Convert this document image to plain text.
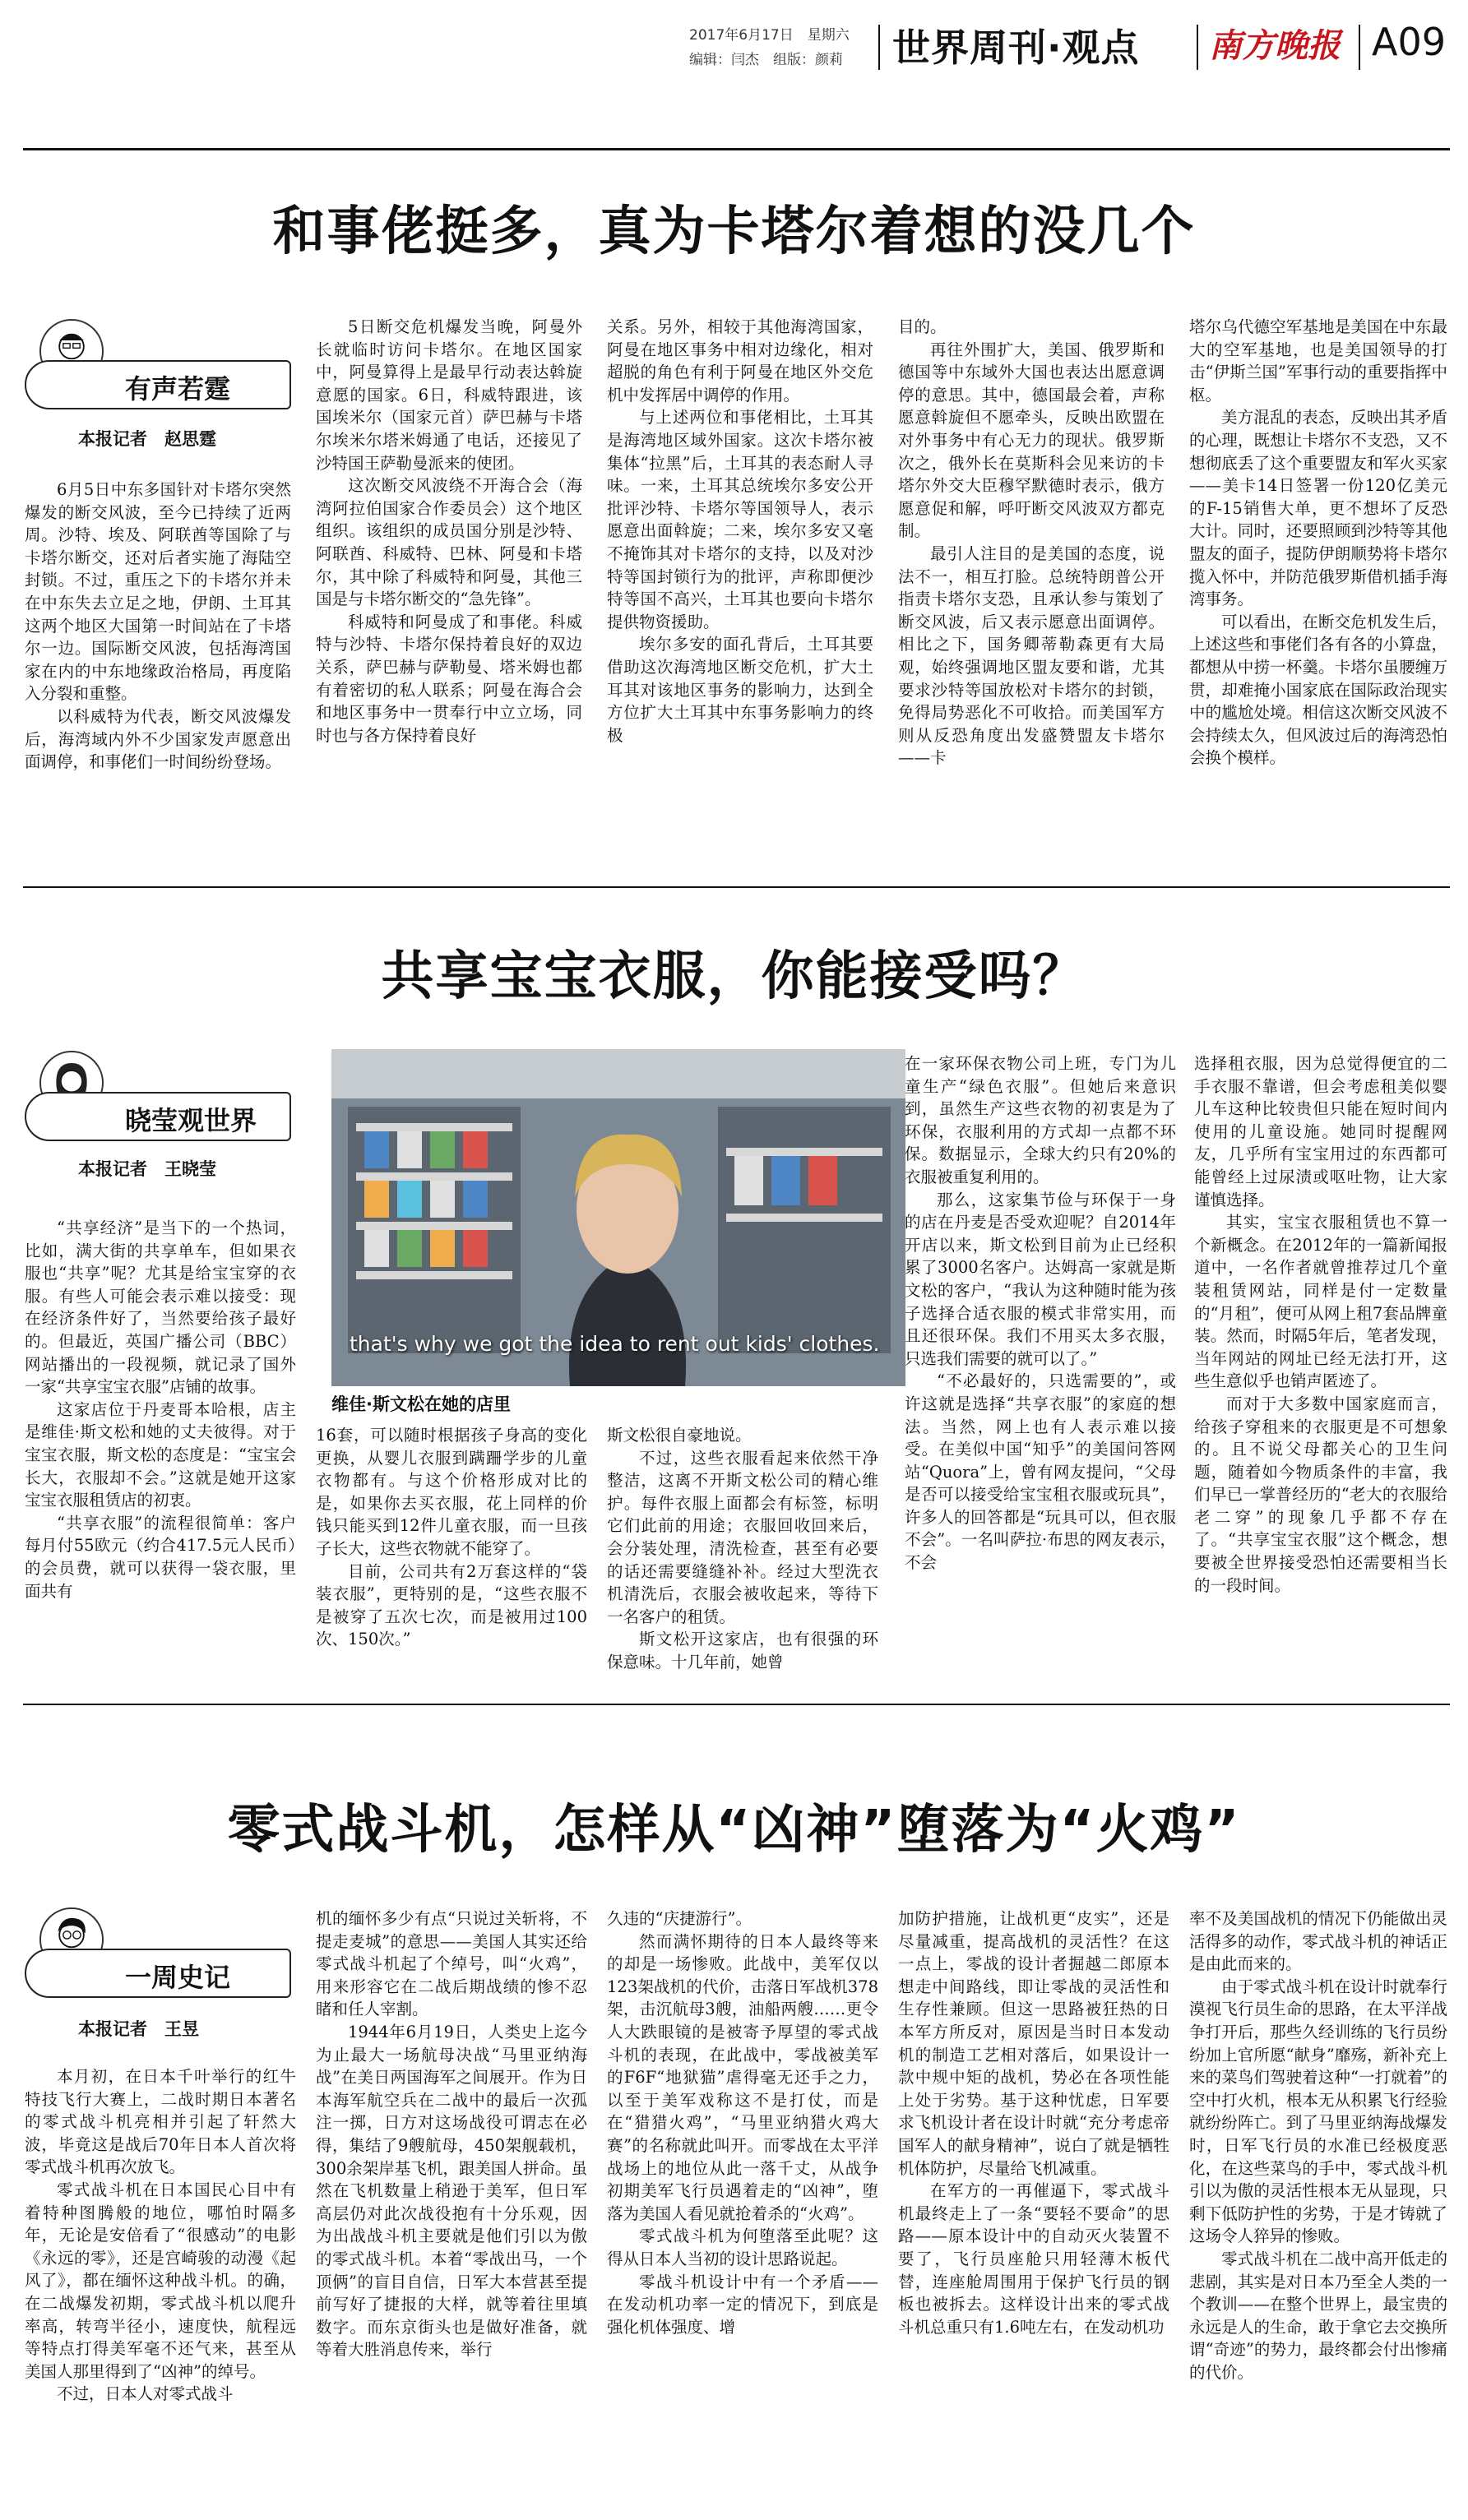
2017年6月17日　星期六
编辑：闫杰　组版：颜莉 世界周刊·观点 南方晚报 A09
和事佬挺多，真为卡塔尔着想的没几个
有声若霆
本报记者　赵思霆

6月5日中东多国针对卡塔尔突然爆发的断交风波，至今已持续了近两周。沙特、埃及、阿联酋等国除了与卡塔尔断交，还对后者实施了海陆空封锁。不过，重压之下的卡塔尔并未在中东失去立足之地，伊朗、土耳其这两个地区大国第一时间站在了卡塔尔一边。国际断交风波，包括海湾国家在内的中东地缘政治格局，再度陷入分裂和重整。

以科威特为代表，断交风波爆发后，海湾域内外不少国家发声愿意出面调停，和事佬们一时间纷纷登场。

5日断交危机爆发当晚，阿曼外长就临时访问卡塔尔。在地区国家中，阿曼算得上是最早行动表达斡旋意愿的国家。6日，科威特跟进，该国埃米尔（国家元首）萨巴赫与卡塔尔埃米尔塔米姆通了电话，还接见了沙特国王萨勒曼派来的使团。

这次断交风波绕不开海合会（海湾阿拉伯国家合作委员会）这个地区组织。该组织的成员国分别是沙特、阿联酋、科威特、巴林、阿曼和卡塔尔，其中除了科威特和阿曼，其他三国是与卡塔尔断交的“急先锋”。

科威特和阿曼成了和事佬。科威特与沙特、卡塔尔保持着良好的双边关系，萨巴赫与萨勒曼、塔米姆也都有着密切的私人联系；阿曼在海合会和地区事务中一贯奉行中立立场，同时也与各方保持着良好

关系。另外，相较于其他海湾国家，阿曼在地区事务中相对边缘化，相对超脱的角色有利于阿曼在地区外交危机中发挥居中调停的作用。

与上述两位和事佬相比，土耳其是海湾地区域外国家。这次卡塔尔被集体“拉黑”后，土耳其的表态耐人寻味。一来，土耳其总统埃尔多安公开批评沙特、卡塔尔等国领导人，表示愿意出面斡旋；二来，埃尔多安又毫不掩饰其对卡塔尔的支持，以及对沙特等国封锁行为的批评，声称即便沙特等国不高兴，土耳其也要向卡塔尔提供物资援助。

埃尔多安的面孔背后，土耳其要借助这次海湾地区断交危机，扩大土耳其对该地区事务的影响力，达到全方位扩大土耳其中东事务影响力的终极

目的。

再往外围扩大，美国、俄罗斯和德国等中东域外大国也表达出愿意调停的意思。其中，德国最会着，声称愿意斡旋但不愿牵头，反映出欧盟在对外事务中有心无力的现状。俄罗斯次之，俄外长在莫斯科会见来访的卡塔尔外交大臣穆罕默德时表示，俄方愿意促和解，呼吁断交风波双方都克制。

最引人注目的是美国的态度，说法不一，相互打脸。总统特朗普公开指责卡塔尔支恐，且承认参与策划了断交风波，后又表示愿意出面调停。相比之下，国务卿蒂勒森更有大局观，始终强调地区盟友要和谐，尤其要求沙特等国放松对卡塔尔的封锁，免得局势恶化不可收拾。而美国军方则从反恐角度出发盛赞盟友卡塔尔——卡

塔尔乌代德空军基地是美国在中东最大的空军基地，也是美国领导的打击“伊斯兰国”军事行动的重要指挥中枢。

美方混乱的表态，反映出其矛盾的心理，既想让卡塔尔不支恐，又不想彻底丢了这个重要盟友和军火买家——美卡14日签署一份120亿美元的F-15销售大单，更不想坏了反恐大计。同时，还要照顾到沙特等其他盟友的面子，提防伊朗顺势将卡塔尔揽入怀中，并防范俄罗斯借机插手海湾事务。

可以看出，在断交危机发生后，上述这些和事佬们各有各的小算盘，都想从中捞一杯羹。卡塔尔虽腰缠万贯，却难掩小国家底在国际政治现实中的尴尬处境。相信这次断交风波不会持续太久，但风波过后的海湾恐怕会换个模样。

共享宝宝衣服，你能接受吗？
晓莹观世界
本报记者　王晓莹

“共享经济”是当下的一个热词，比如，满大街的共享单车，但如果衣服也“共享”呢？尤其是给宝宝穿的衣服。有些人可能会表示难以接受：现在经济条件好了，当然要给孩子最好的。但最近，英国广播公司（BBC）网站播出的一段视频，就记录了国外一家“共享宝宝衣服”店铺的故事。

这家店位于丹麦哥本哈根，店主是维佳·斯文松和她的丈夫彼得。对于宝宝衣服，斯文松的态度是：“宝宝会长大，衣服却不会。”这就是她开这家宝宝衣服租赁店的初衷。

“共享衣服”的流程很简单：客户每月付55欧元（约合417.5元人民币）的会员费，就可以获得一袋衣服，里面共有

that's why we got the idea to rent out kids' clothes.
维佳·斯文松在她的店里

16套，可以随时根据孩子身高的变化更换，从婴儿衣服到蹒跚学步的儿童衣物都有。与这个价格形成对比的是，如果你去买衣服，花上同样的价钱只能买到12件儿童衣服，而一旦孩子长大，这些衣物就不能穿了。

目前，公司共有2万套这样的“袋装衣服”，更特别的是，“这些衣服不是被穿了五次七次，而是被用过100次、150次。”

斯文松很自豪地说。

不过，这些衣服看起来依然干净整洁，这离不开斯文松公司的精心维护。每件衣服上面都会有标签，标明它们此前的用途；衣服回收回来后，会分装处理，清洗检查，甚至有必要的话还需要缝缝补补。经过大型洗衣机清洗后，衣服会被收起来，等待下一名客户的租赁。

斯文松开这家店，也有很强的环保意味。十几年前，她曾

在一家环保衣物公司上班，专门为儿童生产“绿色衣服”。但她后来意识到，虽然生产这些衣物的初衷是为了环保，衣服利用的方式却一点都不环保。数据显示，全球大约只有20%的衣服被重复利用的。

那么，这家集节俭与环保于一身的店在丹麦是否受欢迎呢？自2014年开店以来，斯文松到目前为止已经积累了3000名客户。达姆高一家就是斯文松的客户，“我认为这种随时能为孩子选择合适衣服的模式非常实用，而且还很环保。我们不用买太多衣服，只选我们需要的就可以了。”

“不必最好的，只选需要的”，或许这就是选择“共享衣服”的家庭的想法。当然，网上也有人表示难以接受。在美似中国“知乎”的美国问答网站“Quora”上，曾有网友提问，“父母是否可以接受给宝宝租衣服或玩具”，许多人的回答都是“玩具可以，但衣服不会”。一名叫萨拉·布思的网友表示，不会

选择租衣服，因为总觉得便宜的二手衣服不靠谱，但会考虑租美似婴儿车这种比较贵但只能在短时间内使用的儿童设施。她同时提醒网友，几乎所有宝宝用过的东西都可能曾经上过尿渍或呕吐物，让大家谨慎选择。

其实，宝宝衣服租赁也不算一个新概念。在2012年的一篇新闻报道中，一名作者就曾推荐过几个童装租赁网站，同样是付一定数量的“月租”，便可从网上租7套品牌童装。然而，时隔5年后，笔者发现，当年网站的网址已经无法打开，这些生意似乎也销声匿迹了。

而对于大多数中国家庭而言，给孩子穿租来的衣服更是不可想象的。且不说父母都关心的卫生问题，随着如今物质条件的丰富，我们早已一掌普经历的“老大的衣服给老二穿”的现象几乎都不存在了。“共享宝宝衣服”这个概念，想要被全世界接受恐怕还需要相当长的一段时间。

零式战斗机，怎样从“凶神”堕落为“火鸡”
一周史记
本报记者　王昱

本月初，在日本千叶举行的红牛特技飞行大赛上，二战时期日本著名的零式战斗机亮相并引起了轩然大波，毕竟这是战后70年日本人首次将零式战斗机再次放飞。

零式战斗机在日本国民心目中有着特种图腾般的地位，哪怕时隔多年，无论是安倍看了“很感动”的电影《永远的零》，还是宫崎骏的动漫《起风了》，都在缅怀这种战斗机。的确，在二战爆发初期，零式战斗机以爬升率高，转弯半径小，速度快，航程远等特点打得美军毫不还气来，甚至从美国人那里得到了“凶神”的绰号。

不过，日本人对零式战斗

机的缅怀多少有点“只说过关斩将，不提走麦城”的意思——美国人其实还给零式战斗机起了个绰号，叫“火鸡”，用来形容它在二战后期战绩的惨不忍睹和任人宰割。

1944年6月19日，人类史上迄今为止最大一场航母决战“马里亚纳海战”在美日两国海军之间展开。作为日本海军航空兵在二战中的最后一次孤注一掷，日方对这场战役可谓志在必得，集结了9艘航母，450架舰载机，300余架岸基飞机，跟美国人拼命。虽然在飞机数量上稍逊于美军，但日军高层仍对此次战役抱有十分乐观，因为出战战斗机主要就是他们引以为傲的零式战斗机。本着“零战出马，一个顶俩”的盲目自信，日军大本营甚至提前写好了捷报的大样，就等着往里填数字。而东京街头也是做好准备，就等着大胜消息传来，举行

久违的“庆捷游行”。

然而满怀期待的日本人最终等来的却是一场惨败。此战中，美军仅以123架战机的代价，击落日军战机378架，击沉航母3艘，油船两艘……更令人大跌眼镜的是被寄予厚望的零式战斗机的表现，在此战中，零战被美军的F6F“地狱猫”虐得毫无还手之力，以至于美军戏称这不是打仗，而是在“猎猎火鸡”，“马里亚纳猎火鸡大赛”的名称就此叫开。而零战在太平洋战场上的地位从此一落千丈，从战争初期美军飞行员遇着走的“凶神”，堕落为美国人看见就抢着杀的“火鸡”。

零式战斗机为何堕落至此呢？这得从日本人当初的设计思路说起。

零战斗机设计中有一个矛盾——在发动机功率一定的情况下，到底是强化机体强度、增

加防护措施，让战机更“皮实”，还是尽量减重，提高战机的灵活性？在这一点上，零战的设计者掘越二郎原本想走中间路线，即让零战的灵活性和生存性兼顾。但这一思路被狂热的日本军方所反对，原因是当时日本发动机的制造工艺相对落后，如果设计一款中规中矩的战机，势必在各项性能上处于劣势。基于这种忧虑，日军要求飞机设计者在设计时就“充分考虑帝国军人的献身精神”，说白了就是牺牲机体防护，尽量给飞机减重。

在军方的一再催逼下，零式战斗机最终走上了一条“要轻不要命”的思路——原本设计中的自动灭火装置不要了，飞行员座舱只用轻薄木板代替，连座舱周围用于保护飞行员的钢板也被拆去。这样设计出来的零式战斗机总重只有1.6吨左右，在发动机功

率不及美国战机的情况下仍能做出灵活得多的动作，零式战斗机的神话正是由此而来的。

由于零式战斗机在设计时就奉行漠视飞行员生命的思路，在太平洋战争打开后，那些久经训练的飞行员纷纷加上官所愿“献身”靡殇，新补充上来的菜鸟们驾驶着这种“一打就着”的空中打火机，根本无从积累飞行经验就纷纷阵亡。到了马里亚纳海战爆发时，日军飞行员的水准已经极度恶化，在这些菜鸟的手中，零式战斗机引以为傲的灵活性根本无从显现，只剩下低防护性的劣势，于是才铸就了这场令人猝异的惨败。

零式战斗机在二战中高开低走的悲剧，其实是对日本乃至全人类的一个教训——在整个世界上，最宝贵的永远是人的生命，敢于拿它去交换所谓“奇迹”的势力，最终都会付出惨痛的代价。
